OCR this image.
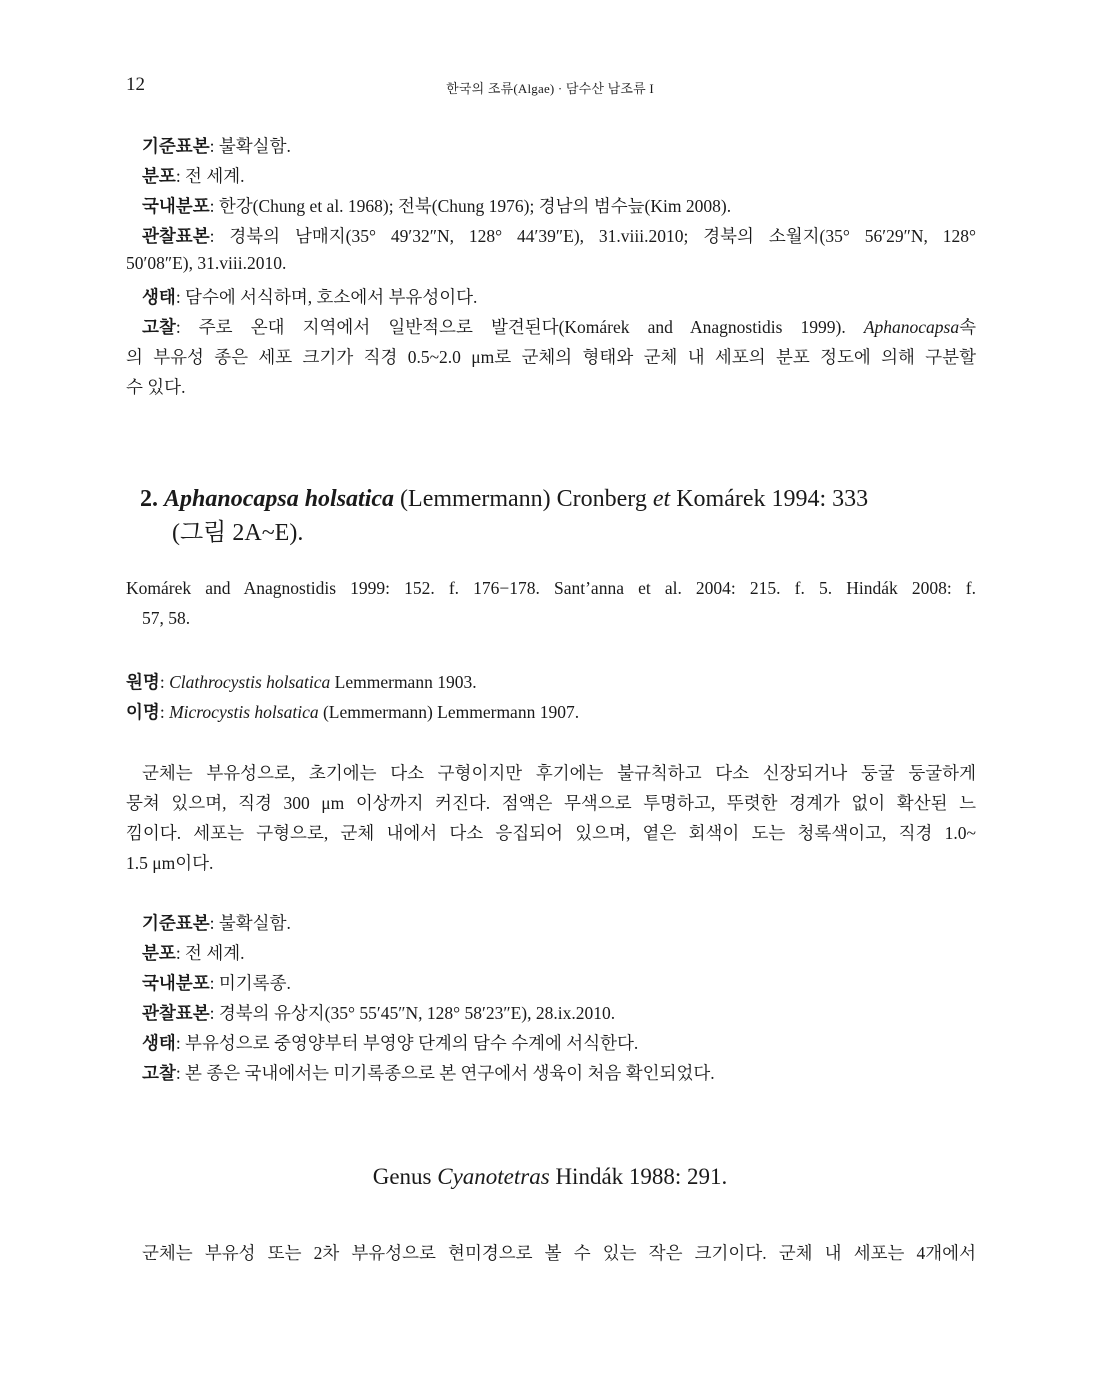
12	한국의 조류(Algae) · 담수산 남조류 I
기준표본: 불확실함.
분포: 전 세계.
국내분포: 한강(Chung et al. 1968); 전북(Chung 1976); 경남의 범수늪(Kim 2008).
관찰표본: 경북의 남매지(35° 49′32″N, 128° 44′39″E), 31.viii.2010; 경북의 소월지(35° 56′29″N, 128°
50′08″E), 31.viii.2010.
생태: 담수에 서식하며, 호소에서 부유성이다.
고찰: 주로 온대 지역에서 일반적으로 발견된다(Komárek and Anagnostidis 1999). Aphanocapsa속
의 부유성 종은 세포 크기가 직경 0.5~2.0 μm로 군체의 형태와 군체 내 세포의 분포 정도에 의해 구분할
수 있다.
2. Aphanocapsa holsatica (Lemmermann) Cronberg et Komárek 1994: 333
(그림 2A~E).
Komárek and Anagnostidis 1999: 152. f. 176−178. Sant’anna et al. 2004: 215. f. 5. Hindák 2008: f.
57, 58.
원명: Clathrocystis holsatica Lemmermann 1903.
이명: Microcystis holsatica (Lemmermann) Lemmermann 1907.
군체는 부유성으로, 초기에는 다소 구형이지만 후기에는 불규칙하고 다소 신장되거나 둥굴 둥굴하게
뭉쳐 있으며, 직경 300 μm 이상까지 커진다. 점액은 무색으로 투명하고, 뚜렷한 경계가 없이 확산된 느
낌이다. 세포는 구형으로, 군체 내에서 다소 응집되어 있으며, 옅은 회색이 도는 청록색이고, 직경 1.0~
1.5 μm이다.
기준표본: 불확실함.
분포: 전 세계.
국내분포: 미기록종.
관찰표본: 경북의 유상지(35° 55′45″N, 128° 58′23″E), 28.ix.2010.
생태: 부유성으로 중영양부터 부영양 단계의 담수 수계에 서식한다.
고찰: 본 종은 국내에서는 미기록종으로 본 연구에서 생육이 처음 확인되었다.
Genus Cyanotetras Hindák 1988: 291.
군체는 부유성 또는 2차 부유성으로 현미경으로 볼 수 있는 작은 크기이다. 군체 내 세포는 4개에서
